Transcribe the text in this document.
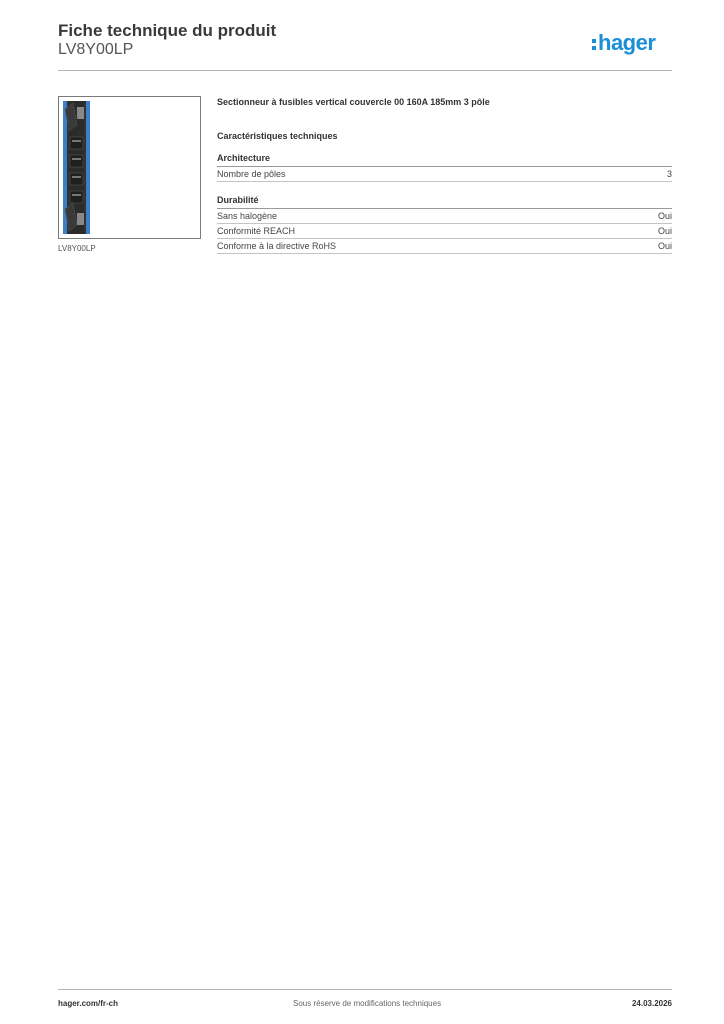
Fiche technique du produit
LV8Y00LP	hager
LV8Y00LP
Sectionneur à fusibles vertical couvercle 00 160A 185mm 3 pôle
Caractéristiques techniques
Architecture
Nombre de pôles	3
Durabilité
Sans halogène	Oui
Conformité REACH	Oui
Conforme à la directive RoHS	Oui
hager.com/fr-ch	Sous réserve de modifications techniques	24.03.2026
